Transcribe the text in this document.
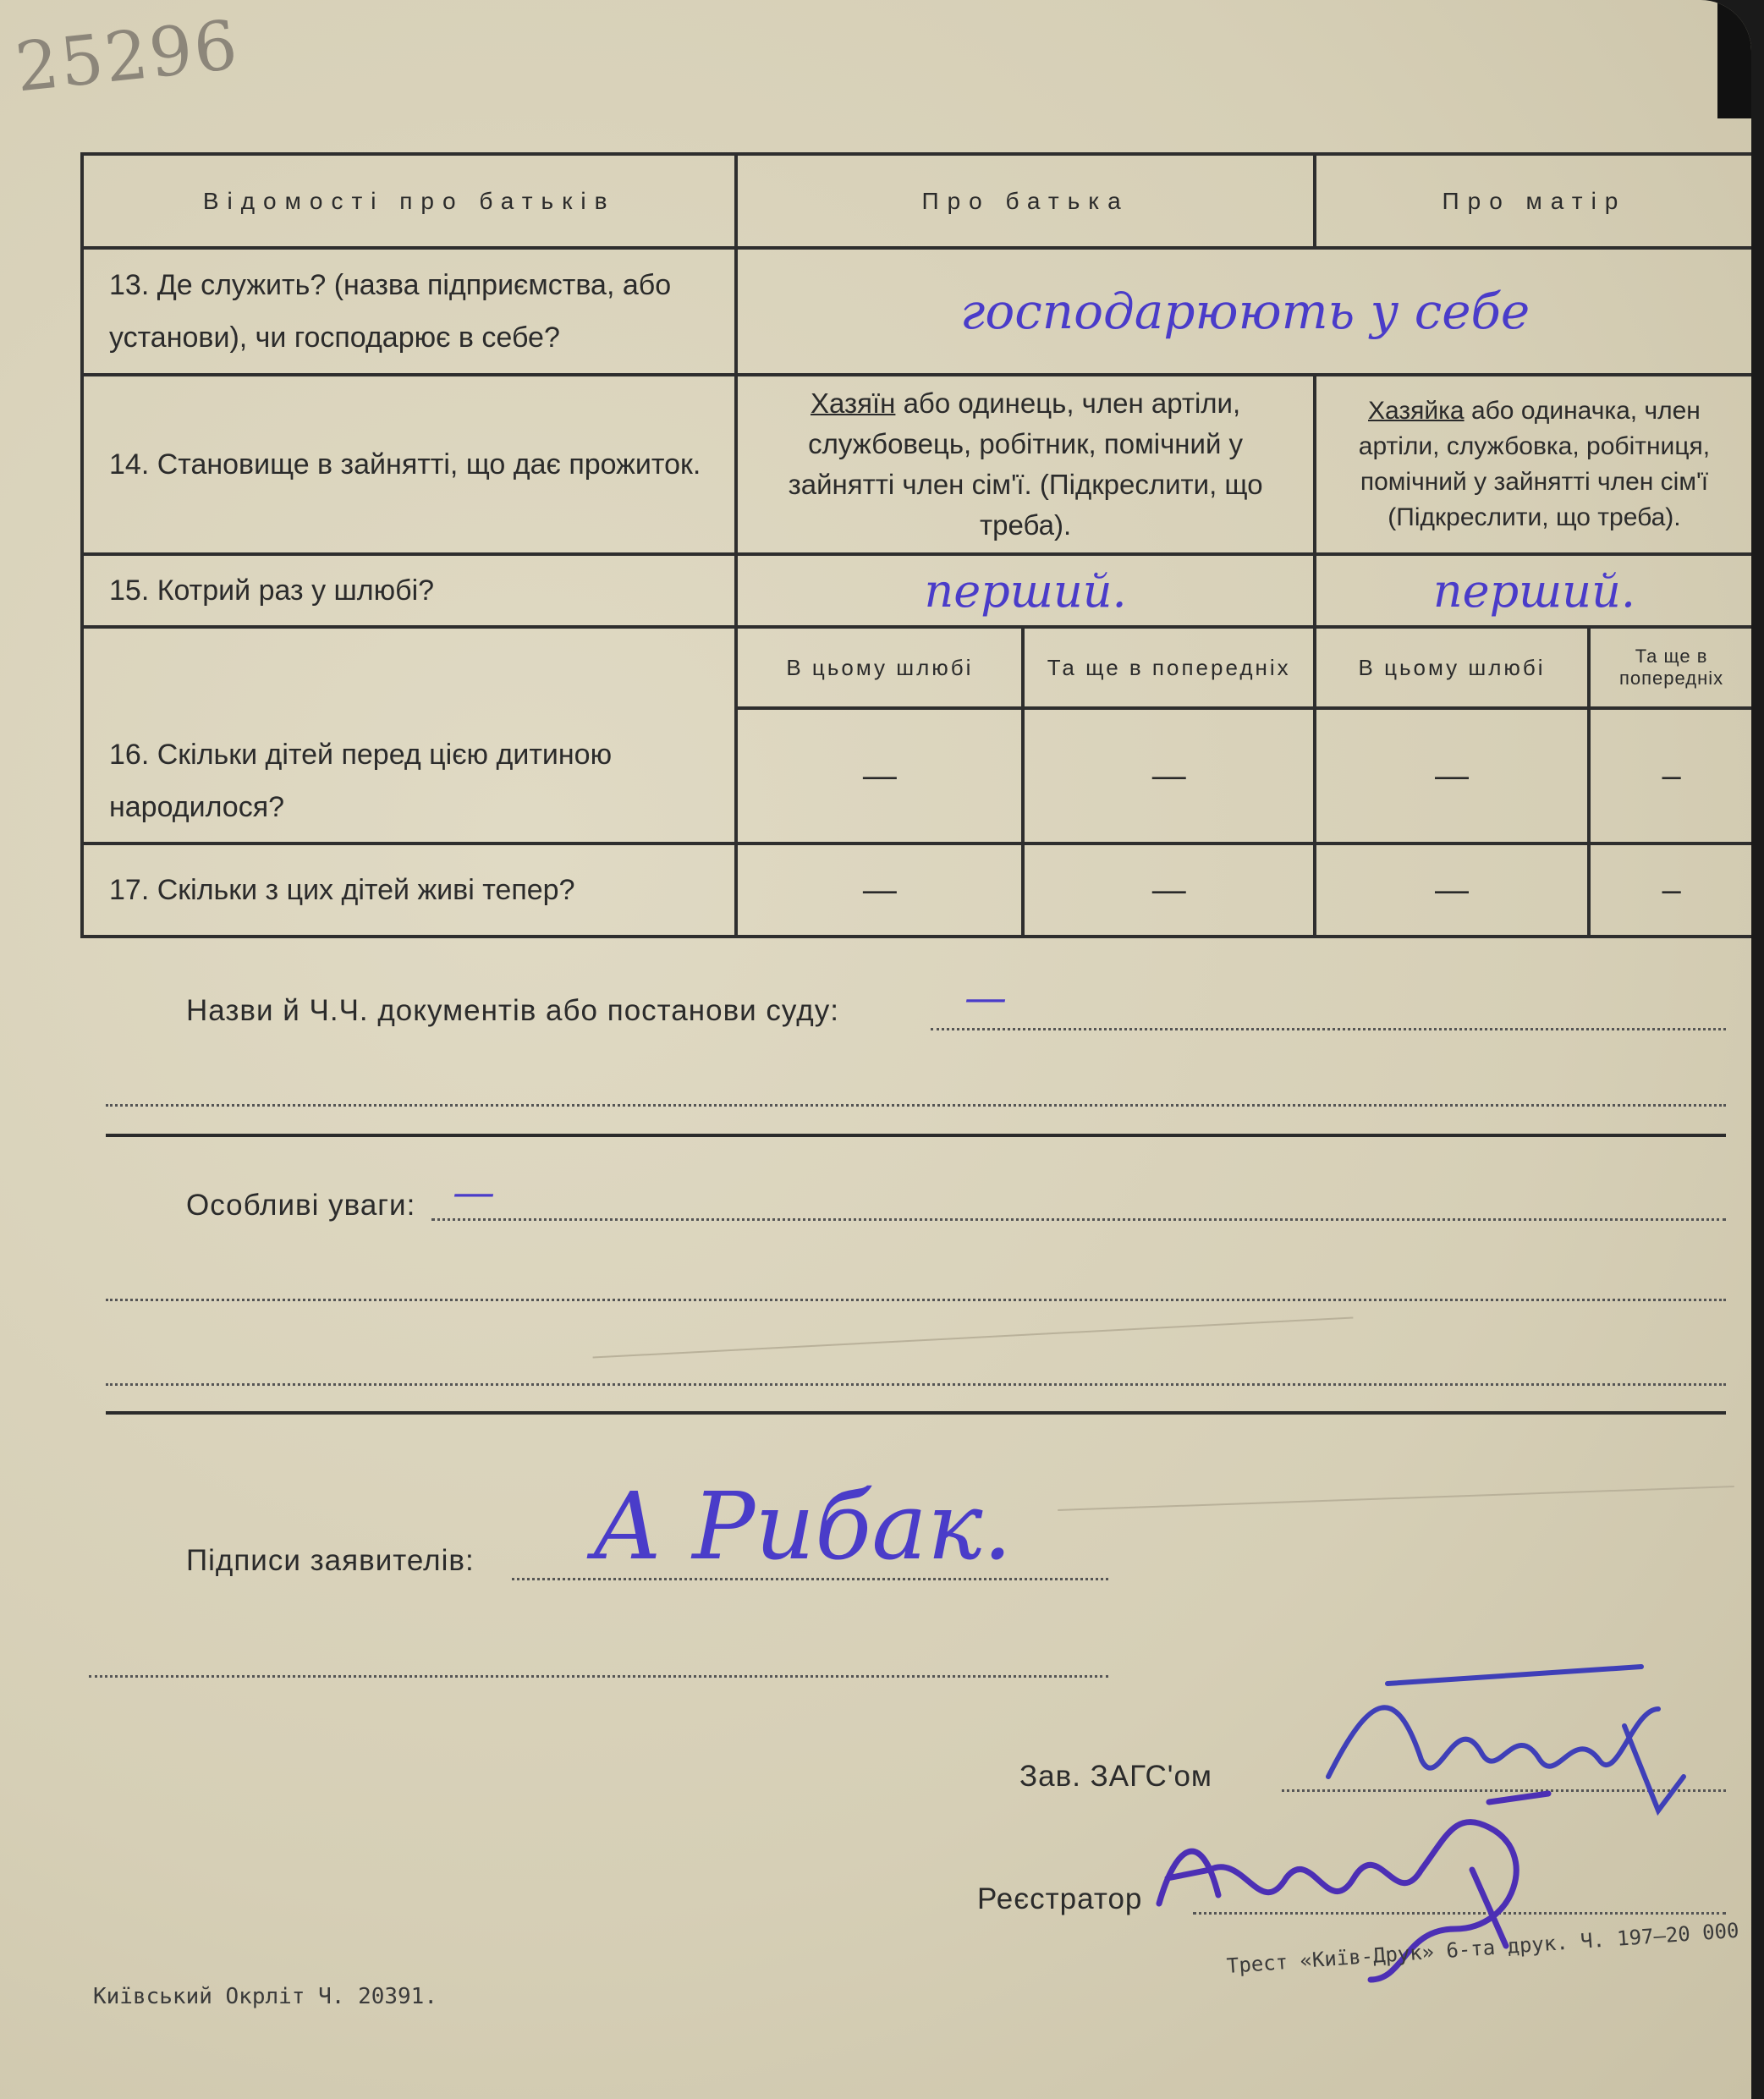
25296
Відомості про батьків	Про батька		Про матір	
13. Де служить? (назва підприємства, або установи), чи господарює в себе?	господарюють у себе			
14. Становище в зайнятті, що дає прожиток.	Хазяїн або одинець, член артіли, службовець, робітник, помічний у зайнятті член сім'ї. (Підкреслити, що треба).		Хазяйка або одиначка, член артіли, службовка, робітниця, помічний у зайнятті член сім'ї (Підкреслити, що треба).	
15. Котрий раз у шлюбі?	перший.		перший.	
16. Скільки дітей перед цією дитиною народилося?	В цьому шлюбі	Та ще в попередніх	В цьому шлюбі	Та ще в попередніх
	—	—	—	–
17. Скільки з цих дітей живі тепер?	—	—	—	–
Назви й Ч.Ч. документів або постанови суду:	—
Особливі уваги: —
Підписи заявителів: А Рибак.
Зав. ЗАГС'ом
Реєстратор
Київський Окрліт Ч. 20391.
Трест «Київ-Друк» 6-та друк. Ч. 197—20 000
